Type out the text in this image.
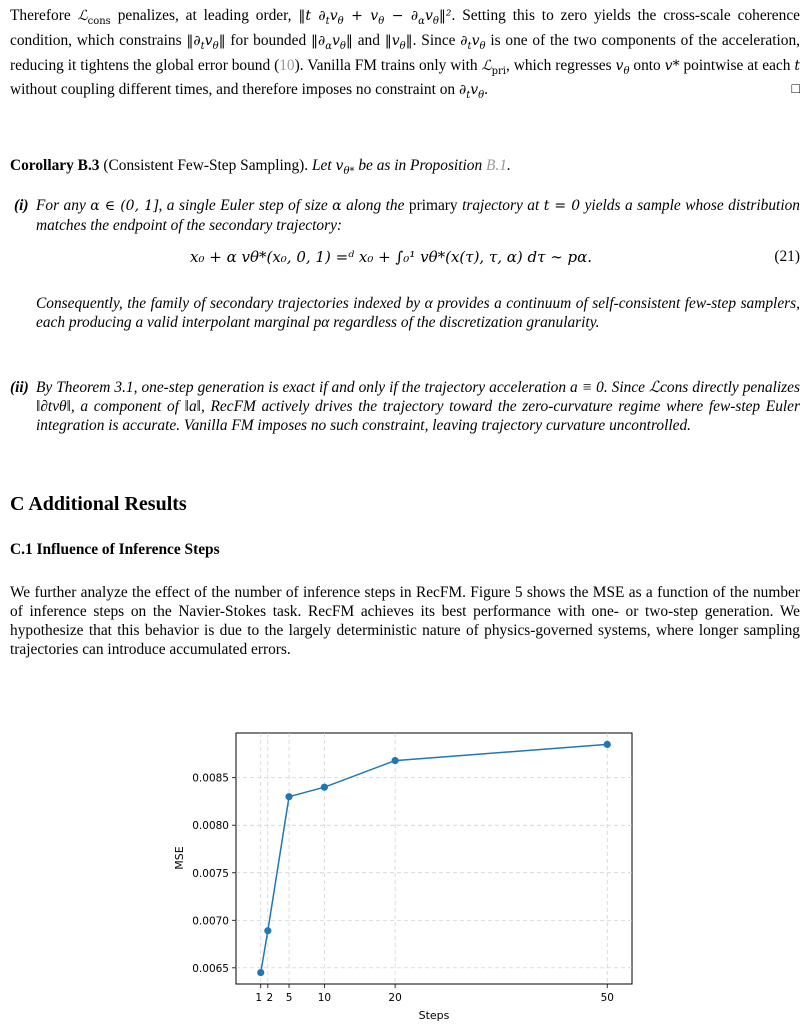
Therefore ℒ$_{cons}$ penalizes, at leading order, ‖t $\partial_tv_\theta + v_\theta$ − $\partial_\alpha v_\theta‖^2$. Setting this to zero yields the cross-scale coherence condition, which constrains $‖\partial_tv_\theta‖$ for bounded $‖\partial_\alpha v_\theta‖$ and $‖v_\theta‖$. Since $\partial_tv_\theta$ is one of the two components of the acceleration, reducing it tightens the global error bound (10). Vanilla FM trains only with ℒ$_{pri}$, which regresses $v_\theta$ onto v* pointwise at each t without coupling different times, and therefore imposes no constraint on $\partial_tv_\theta$.	□

Corollary B.3 (Consistent Few-Step Sampling). Let $v_{\theta*}$ be as in Proposition B.1.

(i) For any α ∈ (0, 1], a single Euler step of size α along the primary trajectory at t = 0 yields a sample whose distribution matches the endpoint of the secondary trajectory:

x₀ + α vθ*(x₀, 0, 1) =ᵈ x₀ + ∫₀¹ vθ*(x(τ), τ, α) dτ ∼ pα.	(21)

Consequently, the family of secondary trajectories indexed by α provides a continuum of self-consistent few-step samplers, each producing a valid interpolant marginal pα regardless of the discretization granularity.

(ii) By Theorem 3.1, one-step generation is exact if and only if the trajectory acceleration a ≡ 0. Since ℒcons directly penalizes ‖∂tvθ‖, a component of ‖a‖, RecFM actively drives the trajectory toward the zero-curvature regime where few-step Euler integration is accurate. Vanilla FM imposes no such constraint, leaving trajectory curvature uncontrolled.

C Additional Results
C.1 Influence of Inference Steps

We further analyze the effect of the number of inference steps in RecFM. Figure 5 shows the MSE as a function of the number of inference steps on the Navier-Stokes task. RecFM achieves its best performance with one- or two-step generation. We hypothesize that this behavior is due to the largely deterministic nature of physics-governed systems, where longer sampling trajectories can introduce accumulated errors.

1 2 5 10	20	50
0.0065
0.0070
0.0075
0.0080
0.0085
Steps
MSE
